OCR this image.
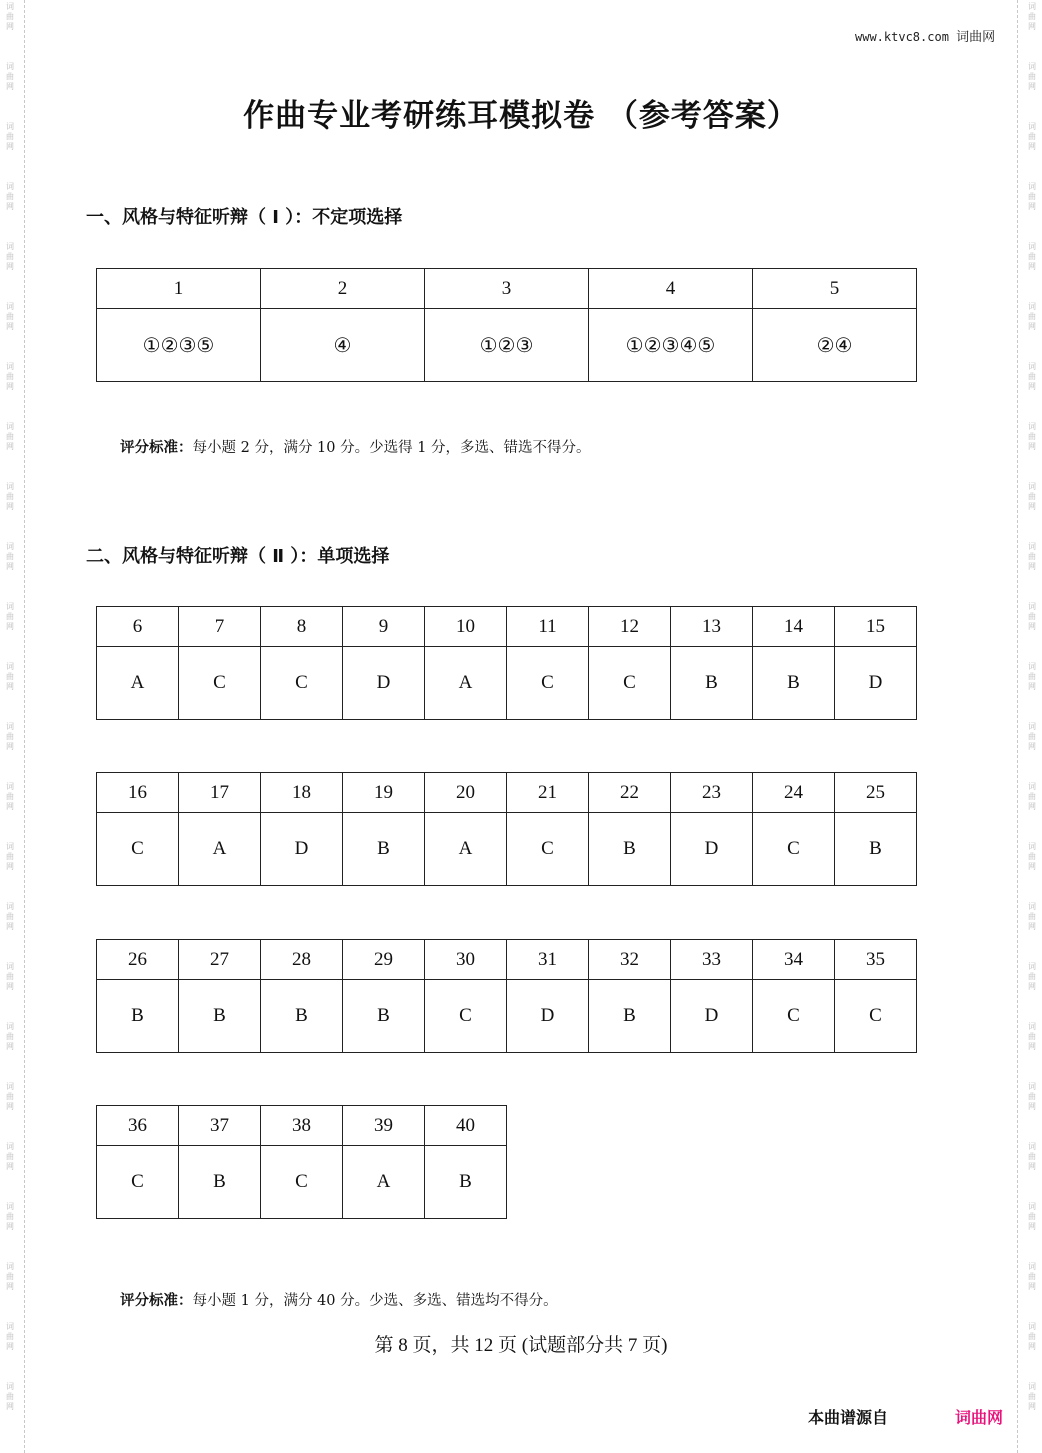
词曲网
词曲网
词曲网
词曲网
词曲网
词曲网
词曲网
词曲网
词曲网
词曲网
词曲网
词曲网
词曲网
词曲网
词曲网
词曲网
词曲网
词曲网
词曲网
词曲网
词曲网
词曲网
词曲网
词曲网
词曲网
词曲网
词曲网
词曲网
词曲网
词曲网
词曲网
词曲网
词曲网
词曲网
词曲网
词曲网
词曲网
词曲网
词曲网
词曲网
词曲网
词曲网
词曲网
词曲网
词曲网
词曲网
词曲网
词曲网
www.ktvc8.com 词曲网
作曲专业考研练耳模拟卷 （参考答案）
一、风格与特征听辩（ Ⅰ ）：不定项选择
1	2	3	4	5
①②③⑤	④	①②③	①②③④⑤	②④
评分标准：每小题 2 分，满分 10 分。少选得 1 分，多选、错选不得分。
二、风格与特征听辩（ Ⅱ ）：单项选择
6	7	8	9	10	11	12	13	14	15
A	C	C	D	A	C	C	B	B	D
16	17	18	19	20	21	22	23	24	25
C	A	D	B	A	C	B	D	C	B
26	27	28	29	30	31	32	33	34	35
B	B	B	B	C	D	B	D	C	C
36	37	38	39	40
C	B	C	A	B
评分标准：每小题 1 分，满分 40 分。少选、多选、错选均不得分。
第 8 页，共 12 页 (试题部分共 7 页)
本曲谱源自	词曲网
